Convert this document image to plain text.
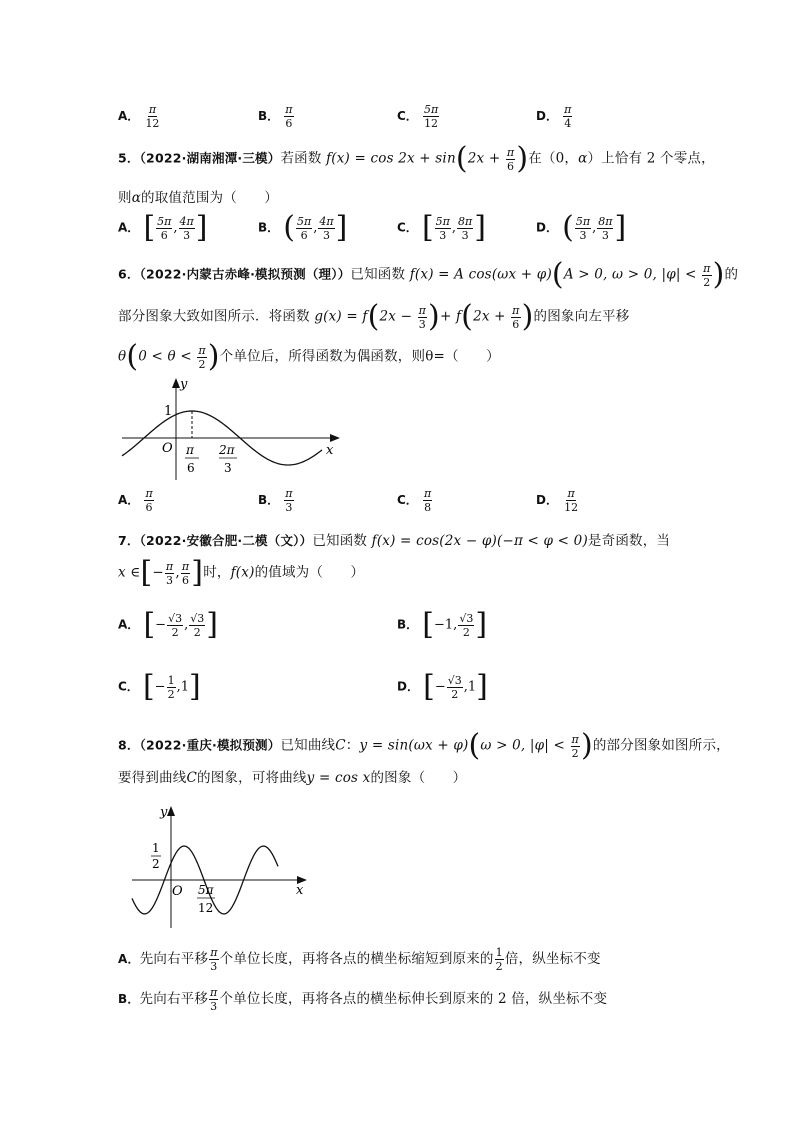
A． $\frac{\pi}{12}$	B． $\frac{\pi}{6}$	C． $\frac{5\pi}{12}$	D． $\frac{\pi}{4}$
5．（2022·湖南湘潭·三模）若函数 $f(x) = \cos 2x + \sin(2x + \frac{\pi}{6}$ )在（0，α）上恰有 2 个零点，
则α的取值范围为（　　）
A． [ $\frac{5\pi}{6}$ , $\frac{4\pi}{3}$ ]	B． ( $\frac{5\pi}{6}$ , $\frac{4\pi}{3}$ ]	C． [ $\frac{5\pi}{3}$ , $\frac{8\pi}{3}$ ]	D． ( $\frac{5\pi}{3}$ , $\frac{8\pi}{3}$ ]
6．（2022·内蒙古赤峰·模拟预测（理））已知函数 f(x) = A cos(ωx + φ)(A > 0, ω > 0, $|\varphi| < \frac{\pi}{2}$ )的
部分图象大致如图所示．将函数 $g(x) = f(2x - \frac{\pi}{3}$ )+ $f(2x + \frac{\pi}{6}$ )的图象向左平移
$\theta(0 < \theta < \frac{\pi}{2}$ )个单位后，所得函数为偶函数，则θ=（　　）
y
x
O
1
π
6
2π
3
A． $\frac{\pi}{6}$	B． $\frac{\pi}{3}$	C． $\frac{\pi}{8}$	D． $\frac{\pi}{12}$
7．（2022·安徽合肥·二模（文））已知函数 f(x) = cos(2x − φ)(−π < φ < 0)是奇函数，当
x ∈[− $\frac{\pi}{3}$ , $\frac{\pi}{6}$ ]时，f(x)的值域为（　　）
A． [− $\frac{√3}{2}$ , $\frac{√3}{2}$ ]	B． [−1, $\frac{√3}{2}$ ]
C． [− $\frac{1}{2} ,1$]	D． [− $\frac{√3}{2} ,1$]
8．（2022·重庆·模拟预测）已知曲线C：y = sin(ωx + φ)(ω > 0, $|\varphi| < \frac{\pi}{2}$ )的部分图象如图所示，
要得到曲线C的图象，可将曲线y = cos x的图象（　　）
y
x
O
1
2
5π
12
A．先向右平移 $\frac{\pi}{3}$ 个单位长度，再将各点的横坐标缩短到原来的 $\frac{1}{2}$ 倍，纵坐标不变
B．先向右平移 $\frac{\pi}{3}$ 个单位长度，再将各点的横坐标伸长到原来的 2 倍，纵坐标不变
